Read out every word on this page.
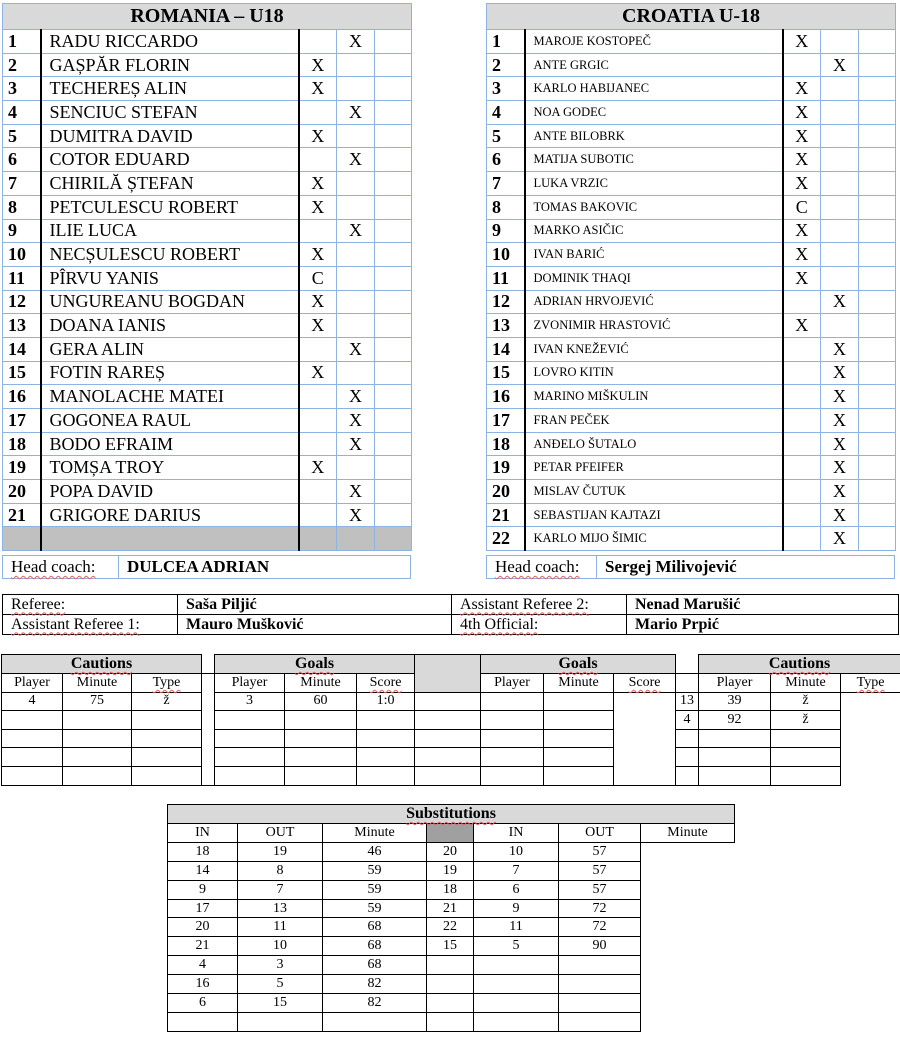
ROMANIA – U18				
1	RADU RICCARDO		X	
2	GAȘPĂR FLORIN	X		
3	TECHEREȘ ALIN	X		
4	SENCIUC STEFAN		X	
5	DUMITRA DAVID	X		
6	COTOR EDUARD		X	
7	CHIRILĂ ȘTEFAN	X		
8	PETCULESCU ROBERT	X		
9	ILIE LUCA		X	
10	NECȘULESCU ROBERT	X		
11	PÎRVU YANIS	C		
12	UNGUREANU BOGDAN	X		
13	DOANA IANIS	X		
14	GERA ALIN		X	
15	FOTIN RAREȘ	X		
16	MANOLACHE MATEI		X	
17	GOGONEA RAUL		X	
18	BODO EFRAIM		X	
19	TOMȘA TROY	X		
20	POPA DAVID		X	
21	GRIGORE DARIUS		X	

Head coach:	DULCEA ADRIAN
CROATIA U-18				
1	MAROJE KOSTOPEČ	X		
2	ANTE GRGIC		X	
3	KARLO HABIJANEC	X		
4	NOA GODEC	X		
5	ANTE BILOBRK	X		
6	MATIJA SUBOTIC	X		
7	LUKA VRZIC	X		
8	TOMAS BAKOVIC	C		
9	MARKO ASIČIC	X		
10	IVAN BARIĆ	X		
11	DOMINIK THAQI	X		
12	ADRIAN HRVOJEVIĆ		X	
13	ZVONIMIR HRASTOVIĆ	X		
14	IVAN KNEŽEVIĆ		X	
15	LOVRO KITIN		X	
16	MARINO MIŠKULIN		X	
17	FRAN PEČEK		X	
18	ANĐELO ŠUTALO		X	
19	PETAR PFEIFER		X	
20	MISLAV ČUTUK		X	
21	SEBASTIJAN KAJTAZI		X	
22	KARLO MIJO ŠIMIC		X	
Head coach:	Sergej Milivojević
Referee:	Saša Piljić	Assistant Referee 2:	Nenad Marušić
Assistant Referee 1:	Mauro Mušković	4th Official:	Mario Prpić
Cautions				Goals				Goals				Cautions		
Player	Minute	Type		Player	Minute	Score		Player	Minute	Score		Player	Minute	Type
4	75	ž		3	60	1:0					13	39	ž	
											4	92	ž	

Substitutions						
IN	OUT	Minute		IN	OUT	Minute
18	19	46	20	10	57	
14	8	59	19	7	57	
9	7	59	18	6	57	
17	13	59	21	9	72	
20	11	68	22	11	72	
21	10	68	15	5	90	
4	3	68				
16	5	82				
6	15	82				
